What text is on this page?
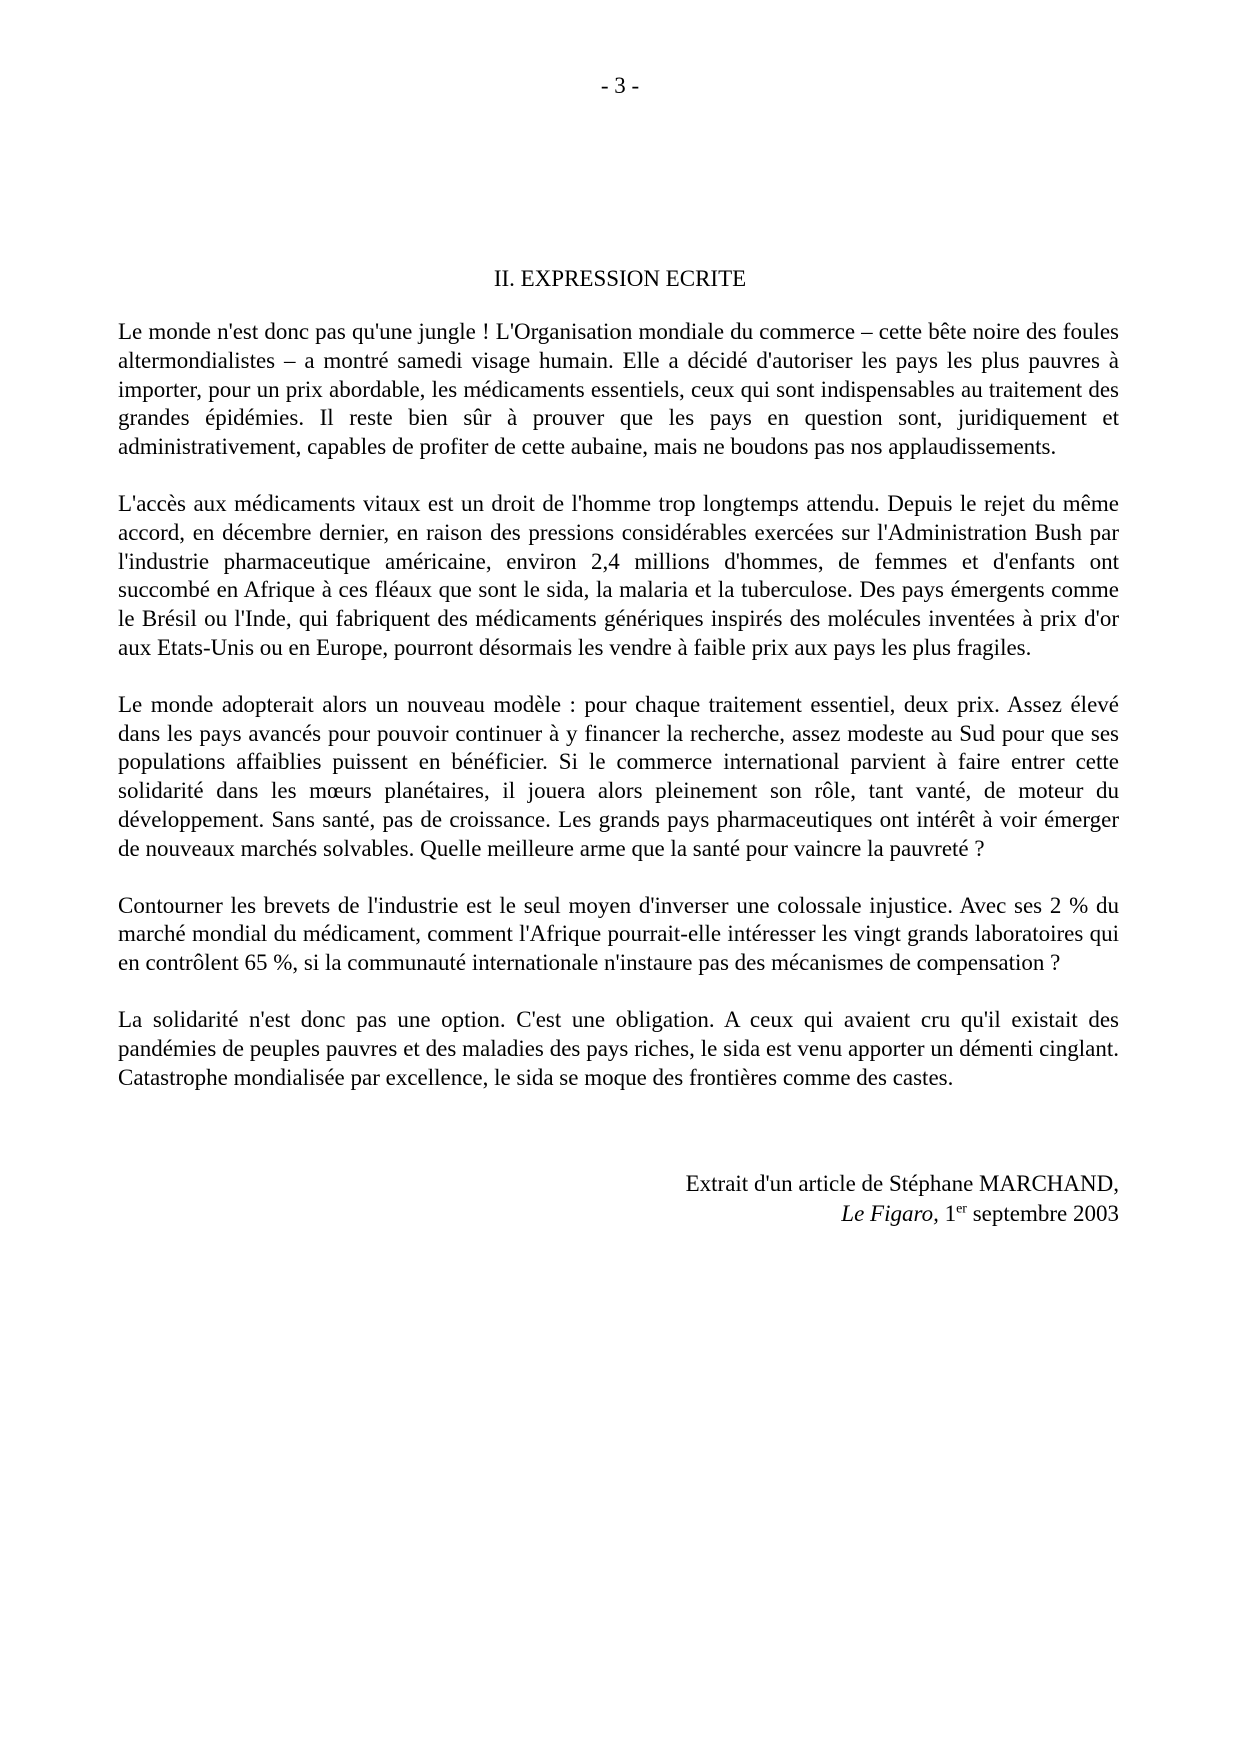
- 3 -
II. EXPRESSION ECRITE

Le monde n'est donc pas qu'une jungle ! L'Organisation mondiale du commerce – cette bête noire des foules altermondialistes – a montré samedi visage humain. Elle a décidé d'autoriser les pays les plus pauvres à importer, pour un prix abordable, les médicaments essentiels, ceux qui sont indispensables au traitement des grandes épidémies. Il reste bien sûr à prouver que les pays en question sont, juridiquement et administrativement, capables de profiter de cette aubaine, mais ne boudons pas nos applaudissements.

L'accès aux médicaments vitaux est un droit de l'homme trop longtemps attendu. Depuis le rejet du même accord, en décembre dernier, en raison des pressions considérables exercées sur l'Administration Bush par l'industrie pharmaceutique américaine, environ 2,4 millions d'hommes, de femmes et d'enfants ont succombé en Afrique à ces fléaux que sont le sida, la malaria et la tuberculose. Des pays émergents comme le Brésil ou l'Inde, qui fabriquent des médicaments génériques inspirés des molécules inventées à prix d'or aux Etats-Unis ou en Europe, pourront désormais les vendre à faible prix aux pays les plus fragiles.

Le monde adopterait alors un nouveau modèle : pour chaque traitement essentiel, deux prix. Assez élevé dans les pays avancés pour pouvoir continuer à y financer la recherche, assez modeste au Sud pour que ses populations affaiblies puissent en bénéficier. Si le commerce international parvient à faire entrer cette solidarité dans les mœurs planétaires, il jouera alors pleinement son rôle, tant vanté, de moteur du développement. Sans santé, pas de croissance. Les grands pays pharmaceutiques ont intérêt à voir émerger de nouveaux marchés solvables. Quelle meilleure arme que la santé pour vaincre la pauvreté ?

Contourner les brevets de l'industrie est le seul moyen d'inverser une colossale injustice. Avec ses 2 % du marché mondial du médicament, comment l'Afrique pourrait-elle intéresser les vingt grands laboratoires qui en contrôlent 65 %, si la communauté internationale n'instaure pas des mécanismes de compensation ?

La solidarité n'est donc pas une option. C'est une obligation. A ceux qui avaient cru qu'il existait des pandémies de peuples pauvres et des maladies des pays riches, le sida est venu apporter un démenti cinglant. Catastrophe mondialisée par excellence, le sida se moque des frontières comme des castes.

Extrait d'un article de Stéphane MARCHAND,
Le Figaro, 1er septembre 2003
